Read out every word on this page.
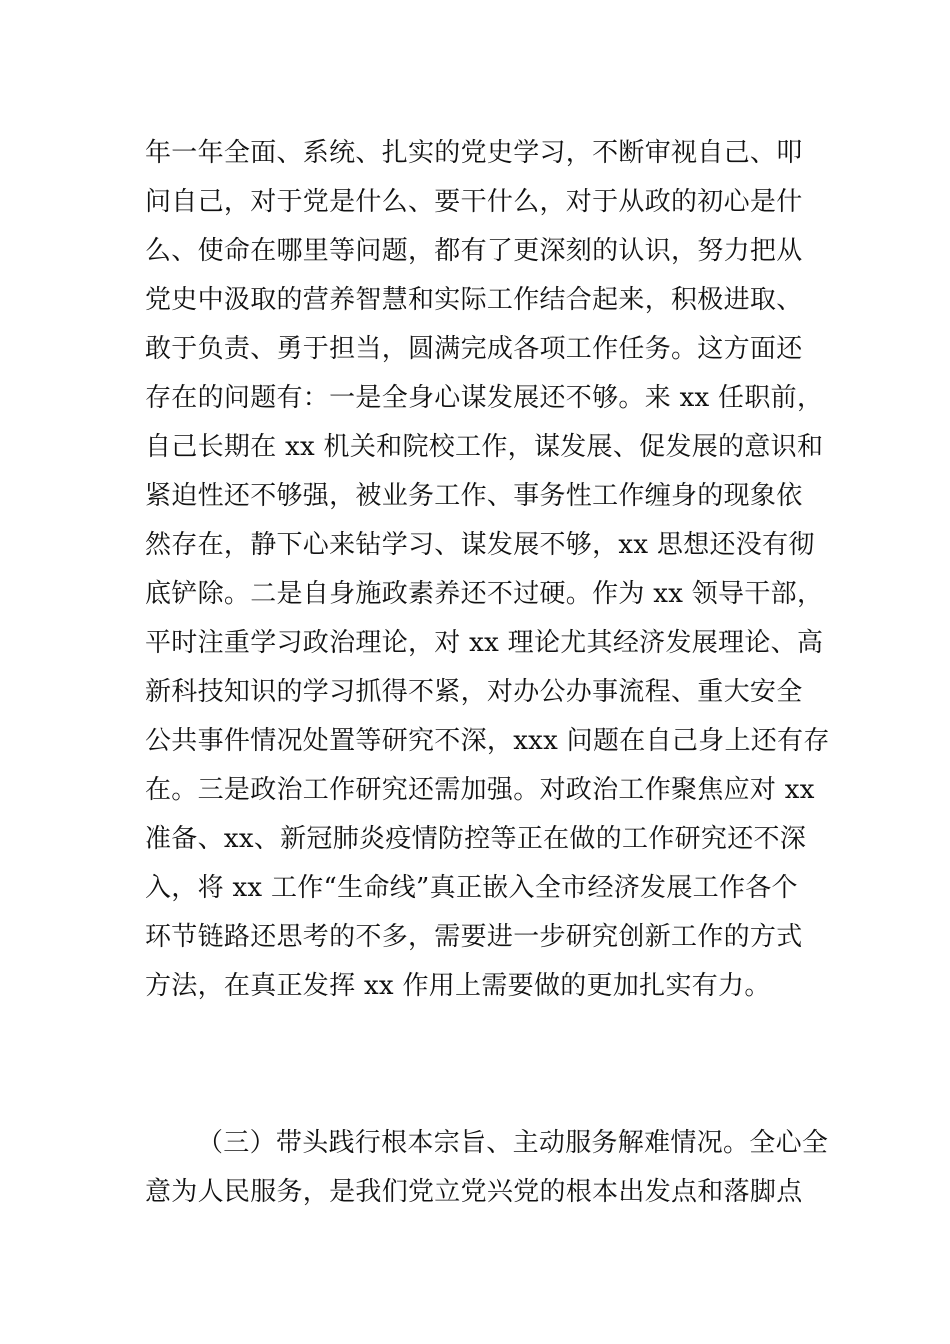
年一年全面、系统、扎实的党史学习，不断审视自己、叩
问自己，对于党是什么、要干什么，对于从政的初心是什
么、使命在哪里等问题，都有了更深刻的认识，努力把从
党史中汲取的营养智慧和实际工作结合起来，积极进取、
敢于负责、勇于担当，圆满完成各项工作任务。这方面还
存在的问题有：一是全身心谋发展还不够。来 xx 任职前，
自己长期在 xx 机关和院校工作，谋发展、促发展的意识和
紧迫性还不够强，被业务工作、事务性工作缠身的现象依
然存在，静下心来钻学习、谋发展不够，xx 思想还没有彻
底铲除。二是自身施政素养还不过硬。作为 xx 领导干部，
平时注重学习政治理论，对 xx 理论尤其经济发展理论、高
新科技知识的学习抓得不紧，对办公办事流程、重大安全
公共事件情况处置等研究不深，xxx 问题在自己身上还有存
在。三是政治工作研究还需加强。对政治工作聚焦应对 xx
准备、xx、新冠肺炎疫情防控等正在做的工作研究还不深
入，将 xx 工作“生命线”真正嵌入全市经济发展工作各个
环节链路还思考的不多，需要进一步研究创新工作的方式
方法，在真正发挥 xx 作用上需要做的更加扎实有力。
（三）带头践行根本宗旨、主动服务解难情况。全心全
意为人民服务，是我们党立党兴党的根本出发点和落脚点
